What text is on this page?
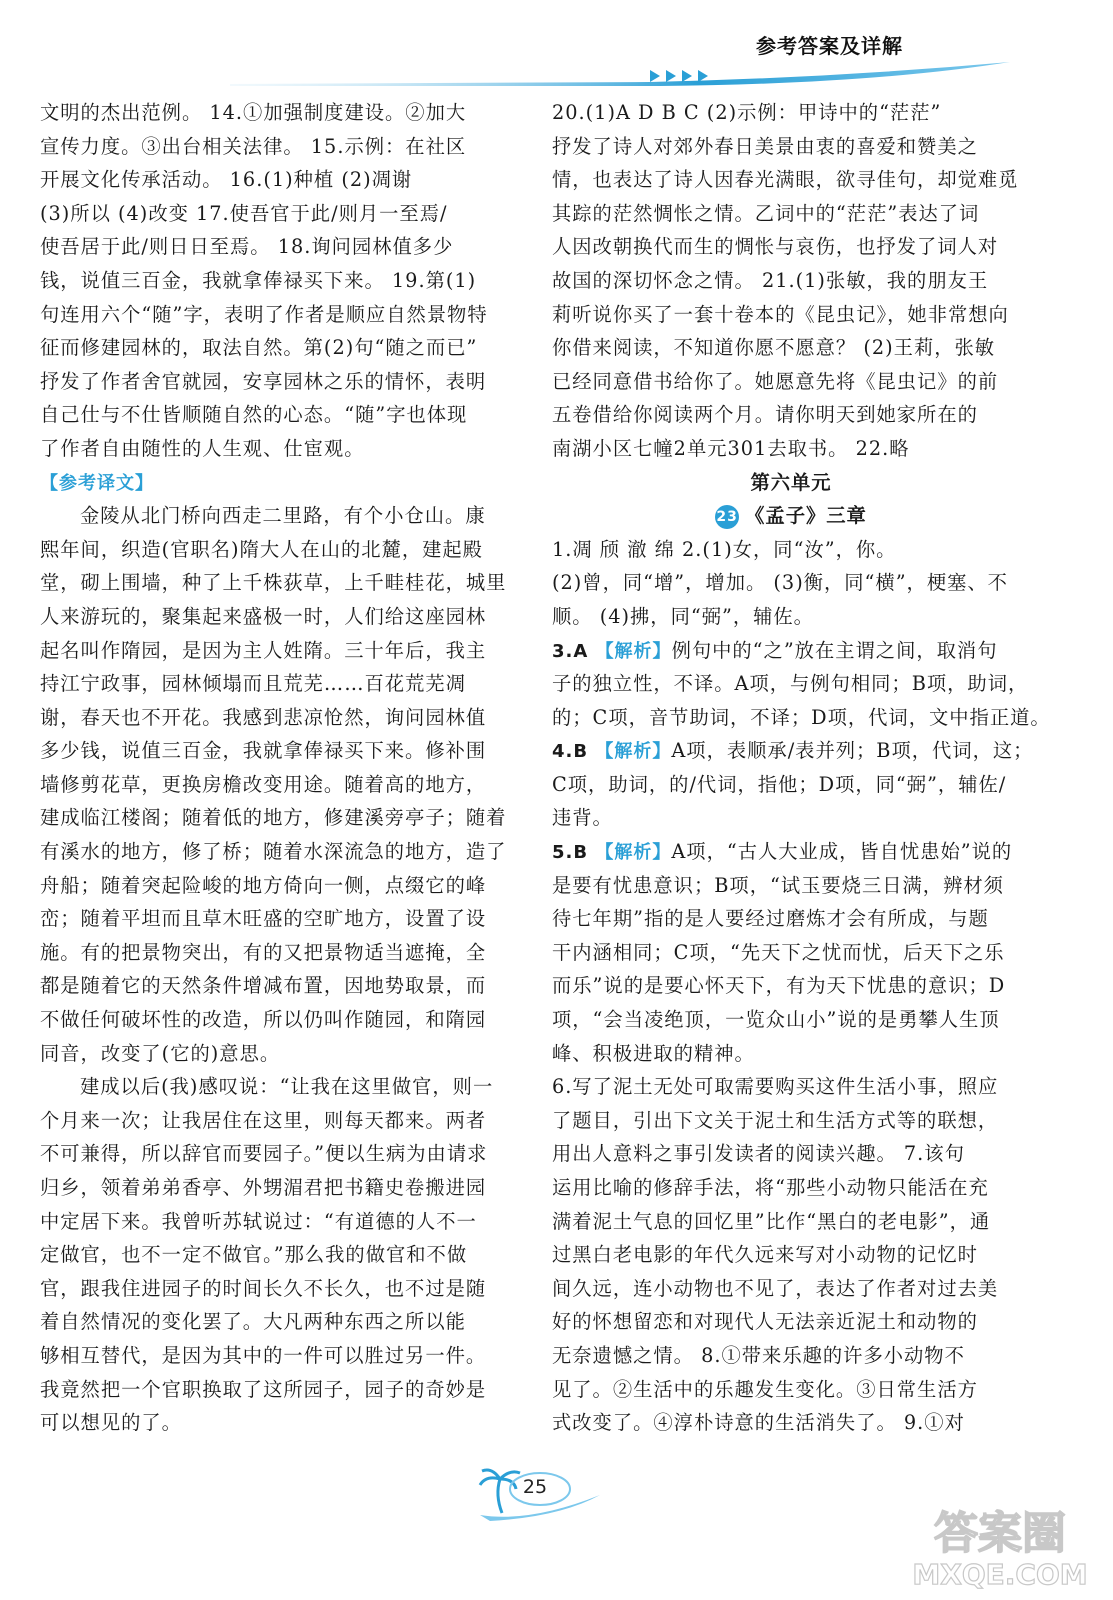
参考答案及详解
文明的杰出范例。 14.①加强制度建设。②加大
宣传力度。③出台相关法律。 15.示例：在社区
开展文化传承活动。 16.(1)种植 (2)凋谢
(3)所以 (4)改变 17.使吾官于此/则月一至焉/
使吾居于此/则日日至焉。 18.询问园林值多少
钱，说值三百金，我就拿俸禄买下来。 19.第(1)
句连用六个“随”字，表明了作者是顺应自然景物特
征而修建园林的，取法自然。第(2)句“随之而已”
抒发了作者舍官就园，安享园林之乐的情怀，表明
自己仕与不仕皆顺随自然的心态。“随”字也体现
了作者自由随性的人生观、仕宦观。
【参考译文】
金陵从北门桥向西走二里路，有个小仓山。康
熙年间，织造(官职名)隋大人在山的北麓，建起殿
堂，砌上围墙，种了上千株荻草，上千畦桂花，城里
人来游玩的，聚集起来盛极一时，人们给这座园林
起名叫作隋园，是因为主人姓隋。三十年后，我主
持江宁政事，园林倾塌而且荒芜……百花荒芜凋
谢，春天也不开花。我感到悲凉怆然，询问园林值
多少钱，说值三百金，我就拿俸禄买下来。修补围
墙修剪花草，更换房檐改变用途。随着高的地方，
建成临江楼阁；随着低的地方，修建溪旁亭子；随着
有溪水的地方，修了桥；随着水深流急的地方，造了
舟船；随着突起险峻的地方倚向一侧，点缀它的峰
峦；随着平坦而且草木旺盛的空旷地方，设置了设
施。有的把景物突出，有的又把景物适当遮掩，全
都是随着它的天然条件增减布置，因地势取景，而
不做任何破坏性的改造，所以仍叫作随园，和隋园
同音，改变了(它的)意思。
建成以后(我)感叹说：“让我在这里做官，则一
个月来一次；让我居住在这里，则每天都来。两者
不可兼得，所以辞官而要园子。”便以生病为由请求
归乡，领着弟弟香亭、外甥湄君把书籍史卷搬进园
中定居下来。我曾听苏轼说过：“有道德的人不一
定做官，也不一定不做官。”那么我的做官和不做
官，跟我住进园子的时间长久不长久，也不过是随
着自然情况的变化罢了。大凡两种东西之所以能
够相互替代，是因为其中的一件可以胜过另一件。
我竟然把一个官职换取了这所园子，园子的奇妙是
可以想见的了。
20.(1)A D B C (2)示例：甲诗中的“茫茫”
抒发了诗人对郊外春日美景由衷的喜爱和赞美之
情，也表达了诗人因春光满眼，欲寻佳句，却觉难觅
其踪的茫然惆怅之情。乙词中的“茫茫”表达了词
人因改朝换代而生的惆怅与哀伤，也抒发了词人对
故国的深切怀念之情。 21.(1)张敏，我的朋友王
莉听说你买了一套十卷本的《昆虫记》，她非常想向
你借来阅读，不知道你愿不愿意？ (2)王莉，张敏
已经同意借书给你了。她愿意先将《昆虫记》的前
五卷借给你阅读两个月。请你明天到她家所在的
南湖小区七幢2单元301去取书。 22.略
第六单元
23 《孟子》三章
1.凋 颀 澈 绵 2.(1)女，同“汝”，你。
(2)曾，同“增”，增加。 (3)衡，同“横”，梗塞、不
顺。 (4)拂，同“弼”，辅佐。
3.A 【解析】例句中的“之”放在主谓之间，取消句
子的独立性，不译。A项，与例句相同；B项，助词，
的；C项，音节助词，不译；D项，代词，文中指正道。
4.B 【解析】A项，表顺承/表并列；B项，代词，这；
C项，助词，的/代词，指他；D项，同“弼”，辅佐/
违背。
5.B 【解析】A项，“古人大业成，皆自忧患始”说的
是要有忧患意识；B项，“试玉要烧三日满，辨材须
待七年期”指的是人要经过磨炼才会有所成，与题
干内涵相同；C项，“先天下之忧而忧，后天下之乐
而乐”说的是要心怀天下，有为天下忧患的意识；D
项，“会当凌绝顶，一览众山小”说的是勇攀人生顶
峰、积极进取的精神。
6.写了泥土无处可取需要购买这件生活小事，照应
了题目，引出下文关于泥土和生活方式等的联想，
用出人意料之事引发读者的阅读兴趣。 7.该句
运用比喻的修辞手法，将“那些小动物只能活在充
满着泥土气息的回忆里”比作“黑白的老电影”，通
过黑白老电影的年代久远来写对小动物的记忆时
间久远，连小动物也不见了，表达了作者对过去美
好的怀想留恋和对现代人无法亲近泥土和动物的
无奈遗憾之情。 8.①带来乐趣的许多小动物不
见了。②生活中的乐趣发生变化。③日常生活方
式改变了。④淳朴诗意的生活消失了。 9.①对
25
答案圈
MXQE.COM
